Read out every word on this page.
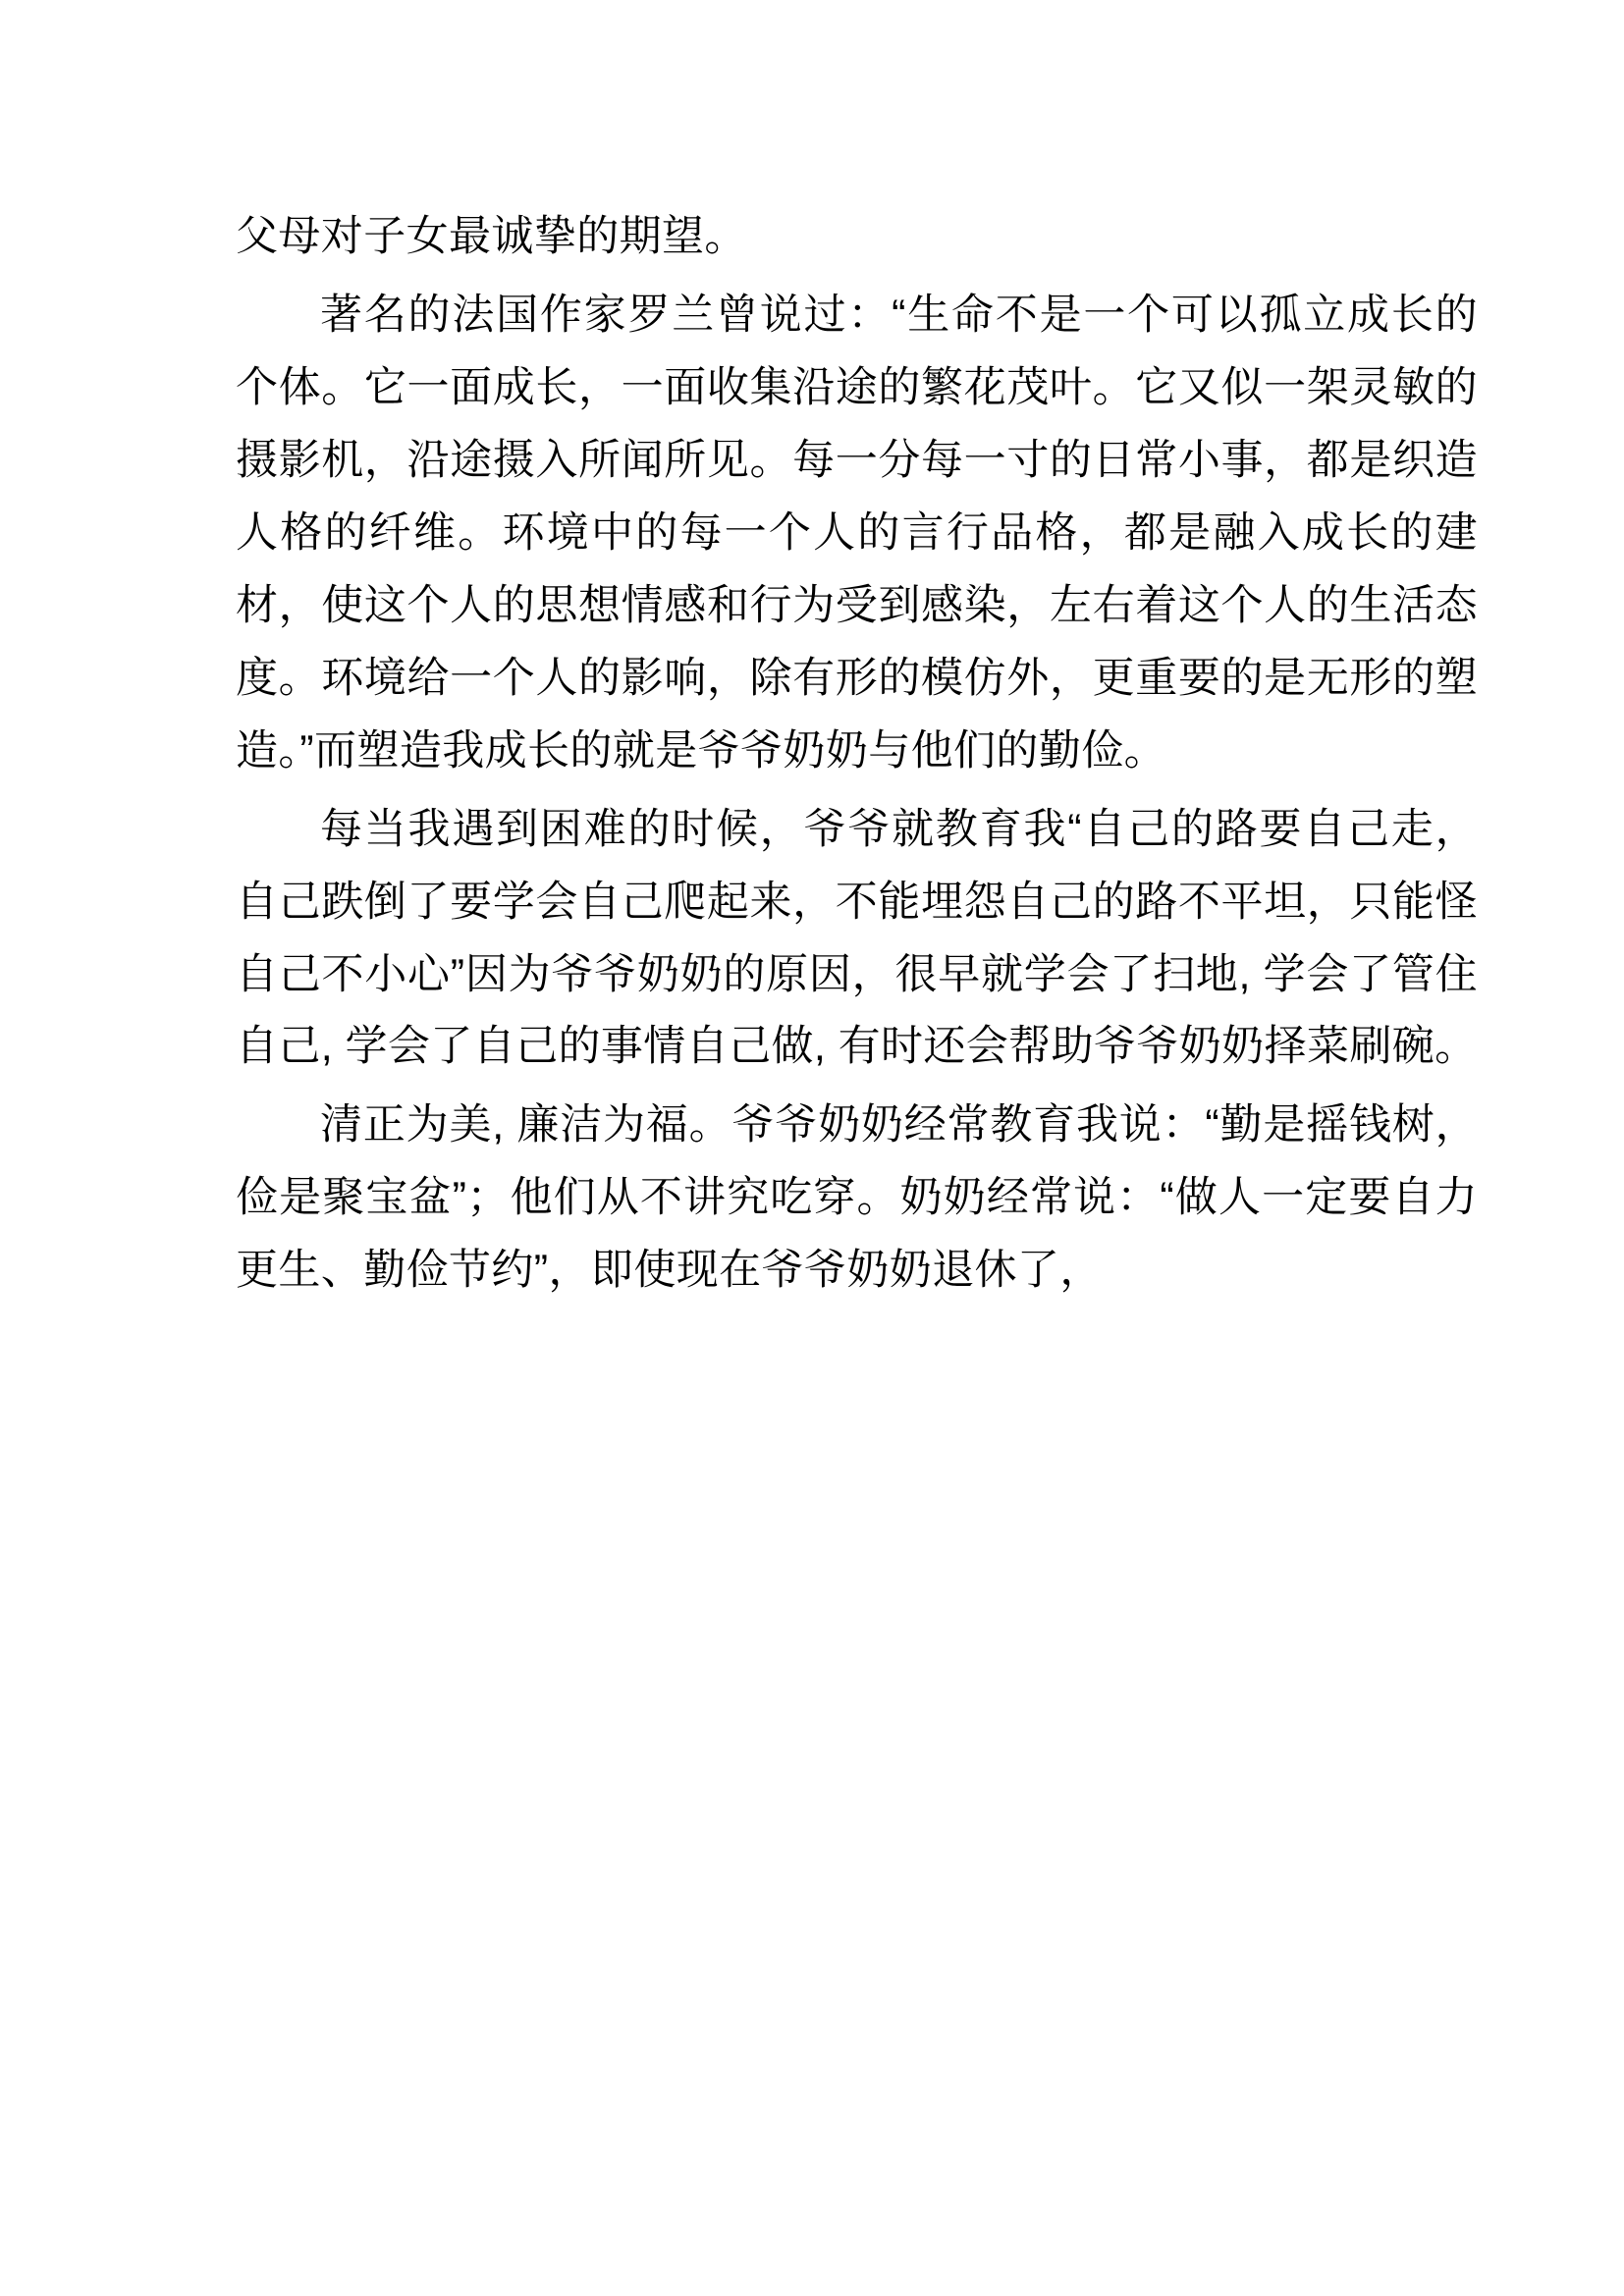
父母对子女最诚挚的期望。

著名的法国作家罗兰曾说过：“生命不是一个可以孤立成长的个体。它一面成长，一面收集沿途的繁花茂叶。它又似一架灵敏的摄影机，沿途摄入所闻所见。每一分每一寸的日常小事，都是织造人格的纤维。环境中的每一个人的言行品格，都是融入成长的建材，使这个人的思想情感和行为受到感染，左右着这个人的生活态度。环境给一个人的影响，除有形的模仿外，更重要的是无形的塑造。”而塑造我成长的就是爷爷奶奶与他们的勤俭。

每当我遇到困难的时候，爷爷就教育我“自己的路要自己走，自己跌倒了要学会自己爬起来，不能埋怨自己的路不平坦，只能怪自己不小心”因为爷爷奶奶的原因，很早就学会了扫地, 学会了管住自己, 学会了自己的事情自己做, 有时还会帮助爷爷奶奶择菜刷碗。

清正为美, 廉洁为福。爷爷奶奶经常教育我说：“勤是摇钱树，俭是聚宝盆”；他们从不讲究吃穿。奶奶经常说：“做人一定要自力更生、勤俭节约”，即使现在爷爷奶奶退休了，
